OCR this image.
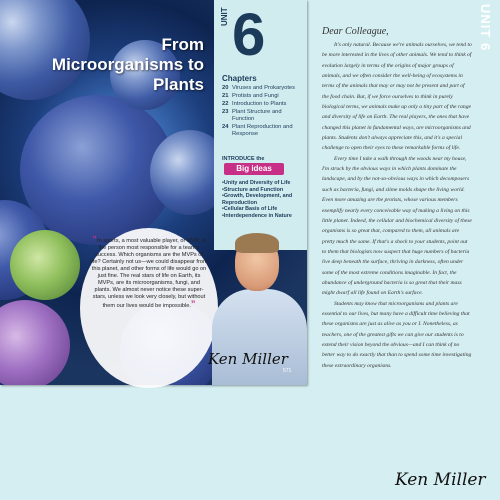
From Microorganisms to Plants
UNIT 6
Chapters
20 Viruses and Prokaryotes
21 Protists and Fungi
22 Introduction to Plants
23 Plant Structure and Function
24 Plant Reproduction and Response
INTRODUCE the
Big ideas
• Unity and Diversity of Life
• Structure and Function
• Growth, Development, and Reproduction
• Cellular Basis of Life
• Interdependence in Nature
“In sports, a most valuable player, or MVP, is the person most responsible for a team's success. Which organisms are the MVPs of life? Certainly not us—we could disappear from this planet, and other forms of life would go on just fine. The real stars of life on Earth, its MVPs, are its microorganisms, fungi, and plants. We almost never notice these super-stars, unless we look very closely, but without them our lives would be impossible.”
Ken Miller
571
Dear Colleague,

It's only natural. Because we're animals ourselves, we tend to be more interested in the lives of other animals. We tend to think of evolution largely in terms of the origins of major groups of animals, and we often consider the well-being of ecosystems in terms of the animals that may or may not be present and part of the food chain. But, if we force ourselves to think in purely biological terms, we animals make up only a tiny part of the range and diversity of life on Earth. The real players, the ones that have changed this planet in fundamental ways, are microorganisms and plants. Students don't always appreciate this, and it's a special challenge to open their eyes to these remarkable forms of life.

Every time I take a walk through the woods near my house, I'm struck by the obvious ways in which plants dominate the landscape, and by the not-so-obvious ways in which decomposers such as bacteria, fungi, and slime molds shape the living world. Even more amazing are the protists, whose various members exemplify nearly every conceivable way of making a living on this little planet. Indeed, the cellular and biochemical diversity of these organisms is so great that, compared to them, all animals are pretty much the same. If that's a shock to your students, point out to them that biologists now suspect that huge numbers of bacteria live deep beneath the surface, thriving in darkness, often under some of the most extreme conditions imaginable. In fact, the abundance of underground bacteria is so great that their mass might dwarf all life found on Earth's surface.

Students may know that microorganisms and plants are essential to our lives, but many have a difficult time believing that these organisms are just as alive as you or I. Nonetheless, as teachers, one of the greatest gifts we can give our students is to extend their vision beyond the obvious—and I can think of no better way to do exactly that than to spend some time investigating these extraordinary organisms.

Ken Miller
UNIT 6
